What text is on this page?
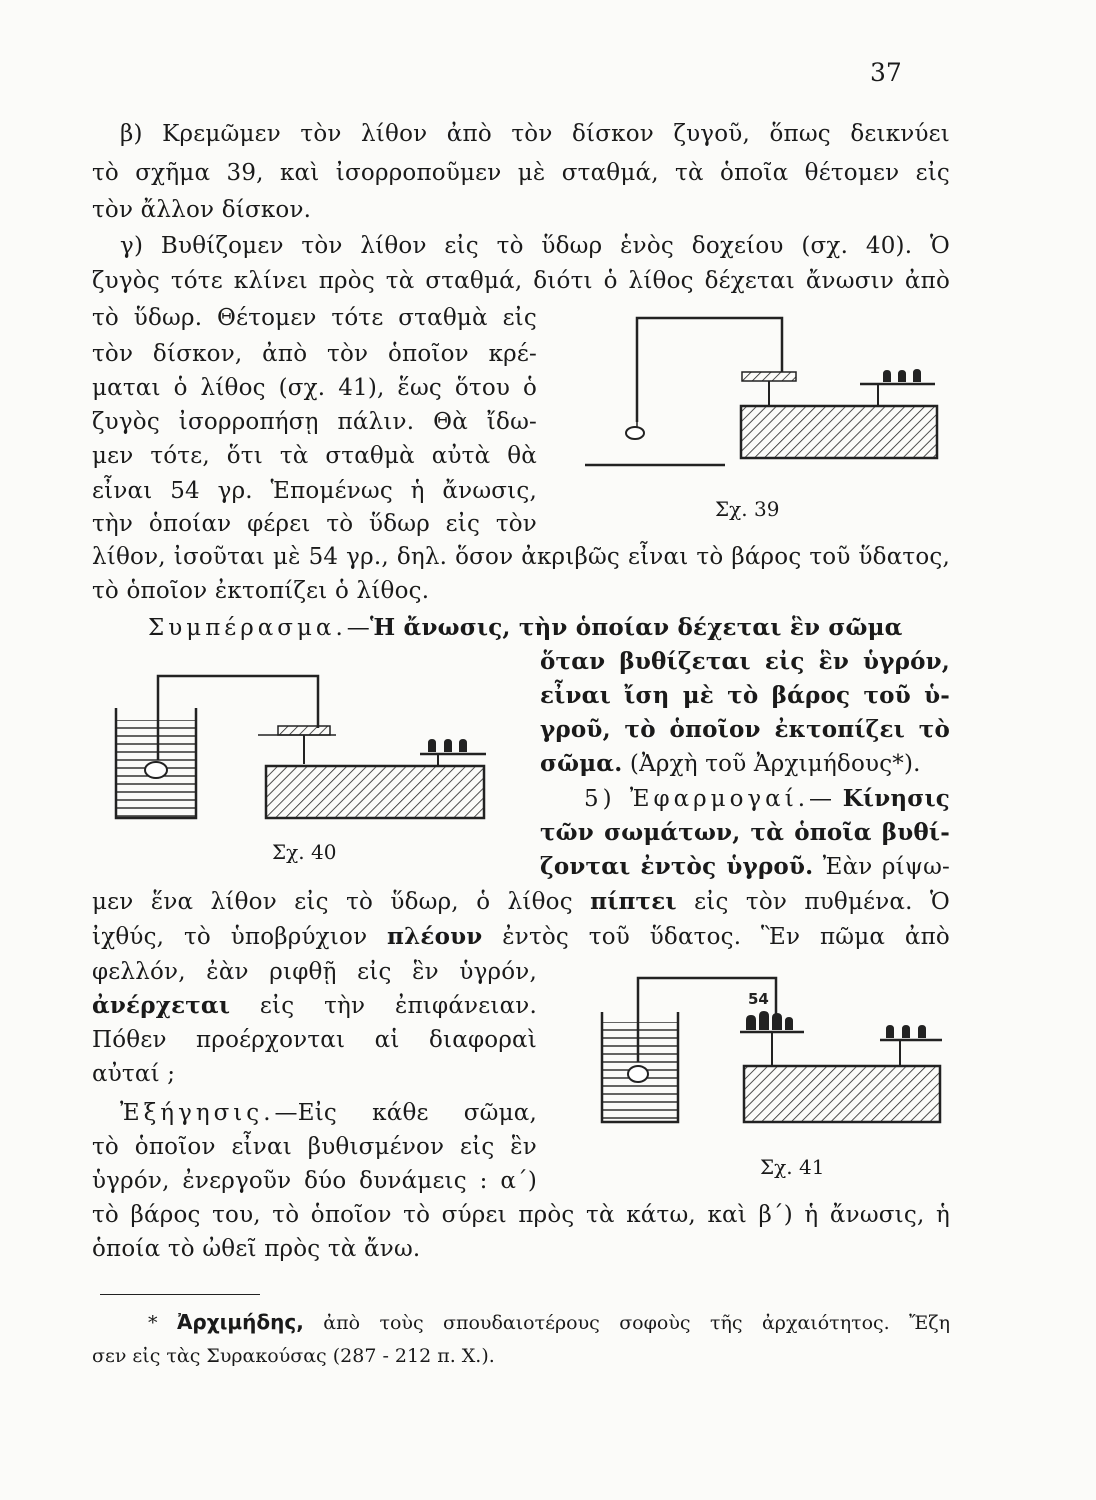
37
β) Κρεμῶμεν τὸν λίθον ἀπὸ τὸν δίσκον ζυγοῦ, ὅπως δεικνύει
τὸ σχῆμα 39, καὶ ἰσορροποῦμεν μὲ σταθμά, τὰ ὁποῖα θέτομεν εἰς
τὸν ἄλλον δίσκον.
γ) Βυθίζομεν τὸν λίθον εἰς τὸ ὕδωρ ἑνὸς δοχείου (σχ. 40). Ὁ
ζυγὸς τότε κλίνει πρὸς τὰ σταθμά, διότι ὁ λίθος δέχεται ἄνωσιν ἀπὸ
τὸ ὕδωρ. Θέτομεν τότε σταθμὰ εἰς
τὸν δίσκον, ἀπὸ τὸν ὁποῖον κρέ-
μαται ὁ λίθος (σχ. 41), ἕως ὅτου ὁ
ζυγὸς ἰσορροπήσῃ πάλιν. Θὰ ἴδω-
μεν τότε, ὅτι τὰ σταθμὰ αὐτὰ θὰ
εἶναι 54 γρ. Ἑπομένως ἡ ἄνωσις,
τὴν ὁποίαν φέρει τὸ ὕδωρ εἰς τὸν
λίθον, ἰσοῦται μὲ 54 γρ., δηλ. ὅσον ἀκριβῶς εἶναι τὸ βάρος τοῦ ὕδατος,
τὸ ὁποῖον ἐκτοπίζει ὁ λίθος.
Σχ. 39
Συμπέρασμα.—Ἡ ἄνωσις, τὴν ὁποίαν δέχεται ἓν σῶμα
ὅταν βυθίζεται εἰς ἓν ὑγρόν,
εἶναι ἴση μὲ τὸ βάρος τοῦ ὑ-
γροῦ, τὸ ὁποῖον ἐκτοπίζει τὸ
σῶμα. (Ἀρχὴ τοῦ Ἀρχιμήδους*).
Σχ. 40
5) Ἐφαρμογαί.— Κίνησις
τῶν σωμάτων, τὰ ὁποῖα βυθί-
ζονται ἐντὸς ὑγροῦ. Ἐὰν ρίψω-
μεν ἕνα λίθον εἰς τὸ ὕδωρ, ὁ λίθος πίπτει εἰς τὸν πυθμένα. Ὁ
ἰχθύς, τὸ ὑποβρύχιον πλέουν ἐντὸς τοῦ ὕδατος. Ἓν πῶμα ἀπὸ
φελλόν, ἐὰν ριφθῇ εἰς ἓν ὑγρόν,
ἀνέρχεται εἰς τὴν ἐπιφάνειαν.
Πόθεν προέρχονται αἱ διαφοραὶ
αὐταί ;
54
Σχ. 41
Ἐξήγησις.—Εἰς κάθε σῶμα,
τὸ ὁποῖον εἶναι βυθισμένον εἰς ἓν
ὑγρόν, ἐνεργοῦν δύο δυνάμεις : α΄)
τὸ βάρος του, τὸ ὁποῖον τὸ σύρει πρὸς τὰ κάτω, καὶ β΄) ἡ ἄνωσις, ἡ
ὁποία τὸ ὠθεῖ πρὸς τὰ ἄνω.
* Ἀρχιμήδης, ἀπὸ τοὺς σπουδαιοτέρους σοφοὺς τῆς ἀρχαιότητος. Ἔζη
σεν εἰς τὰς Συρακούσας (287 - 212 π. Χ.).
